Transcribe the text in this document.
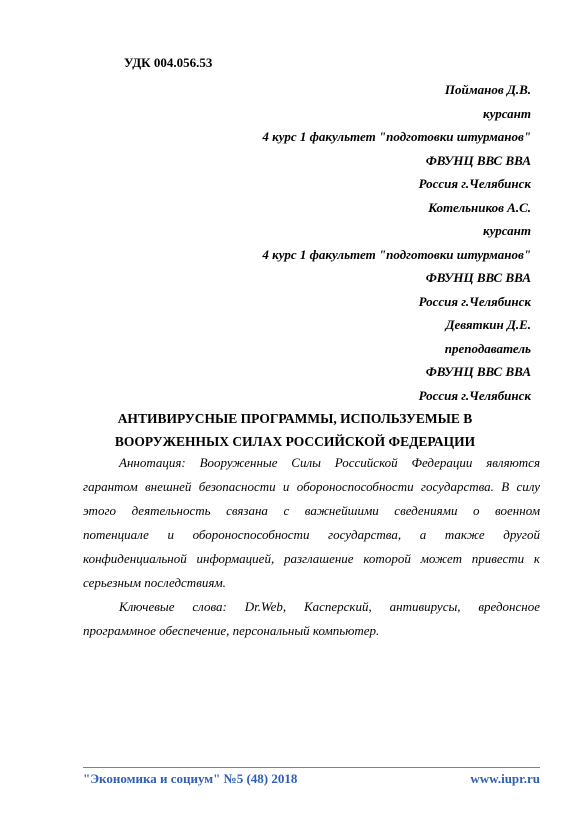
УДК 004.056.53
Пойманов Д.В.
курсант
4 курс 1 факультет "подготовки штурманов"
ФВУНЦ ВВС ВВА
Россия г.Челябинск
Котельников А.С.
курсант
4 курс 1 факультет "подготовки штурманов"
ФВУНЦ ВВС ВВА
Россия г.Челябинск
Девяткин Д.Е.
преподаватель
ФВУНЦ ВВС ВВА
Россия г.Челябинск
АНТИВИРУСНЫЕ ПРОГРАММЫ, ИСПОЛЬЗУЕМЫЕ В
ВООРУЖЕННЫХ СИЛАХ РОССИЙСКОЙ ФЕДЕРАЦИИ
Аннотация: Вооруженные Силы Российской Федерации являются
гарантом внешней безопасности и обороноспособности государства. В силу
этого деятельность связана с важнейшими сведениями о военном
потенциале и обороноспособности государства, а также другой
конфиденциальной информацией, разглашение которой может привести к
серьезным последствиям.
Ключевые слова: Dr.Web, Касперский, антивирусы, вредонсное
программное обеспечение, персональный компьютер.
"Экономика и социум" №5 (48) 2018	www.iupr.ru
